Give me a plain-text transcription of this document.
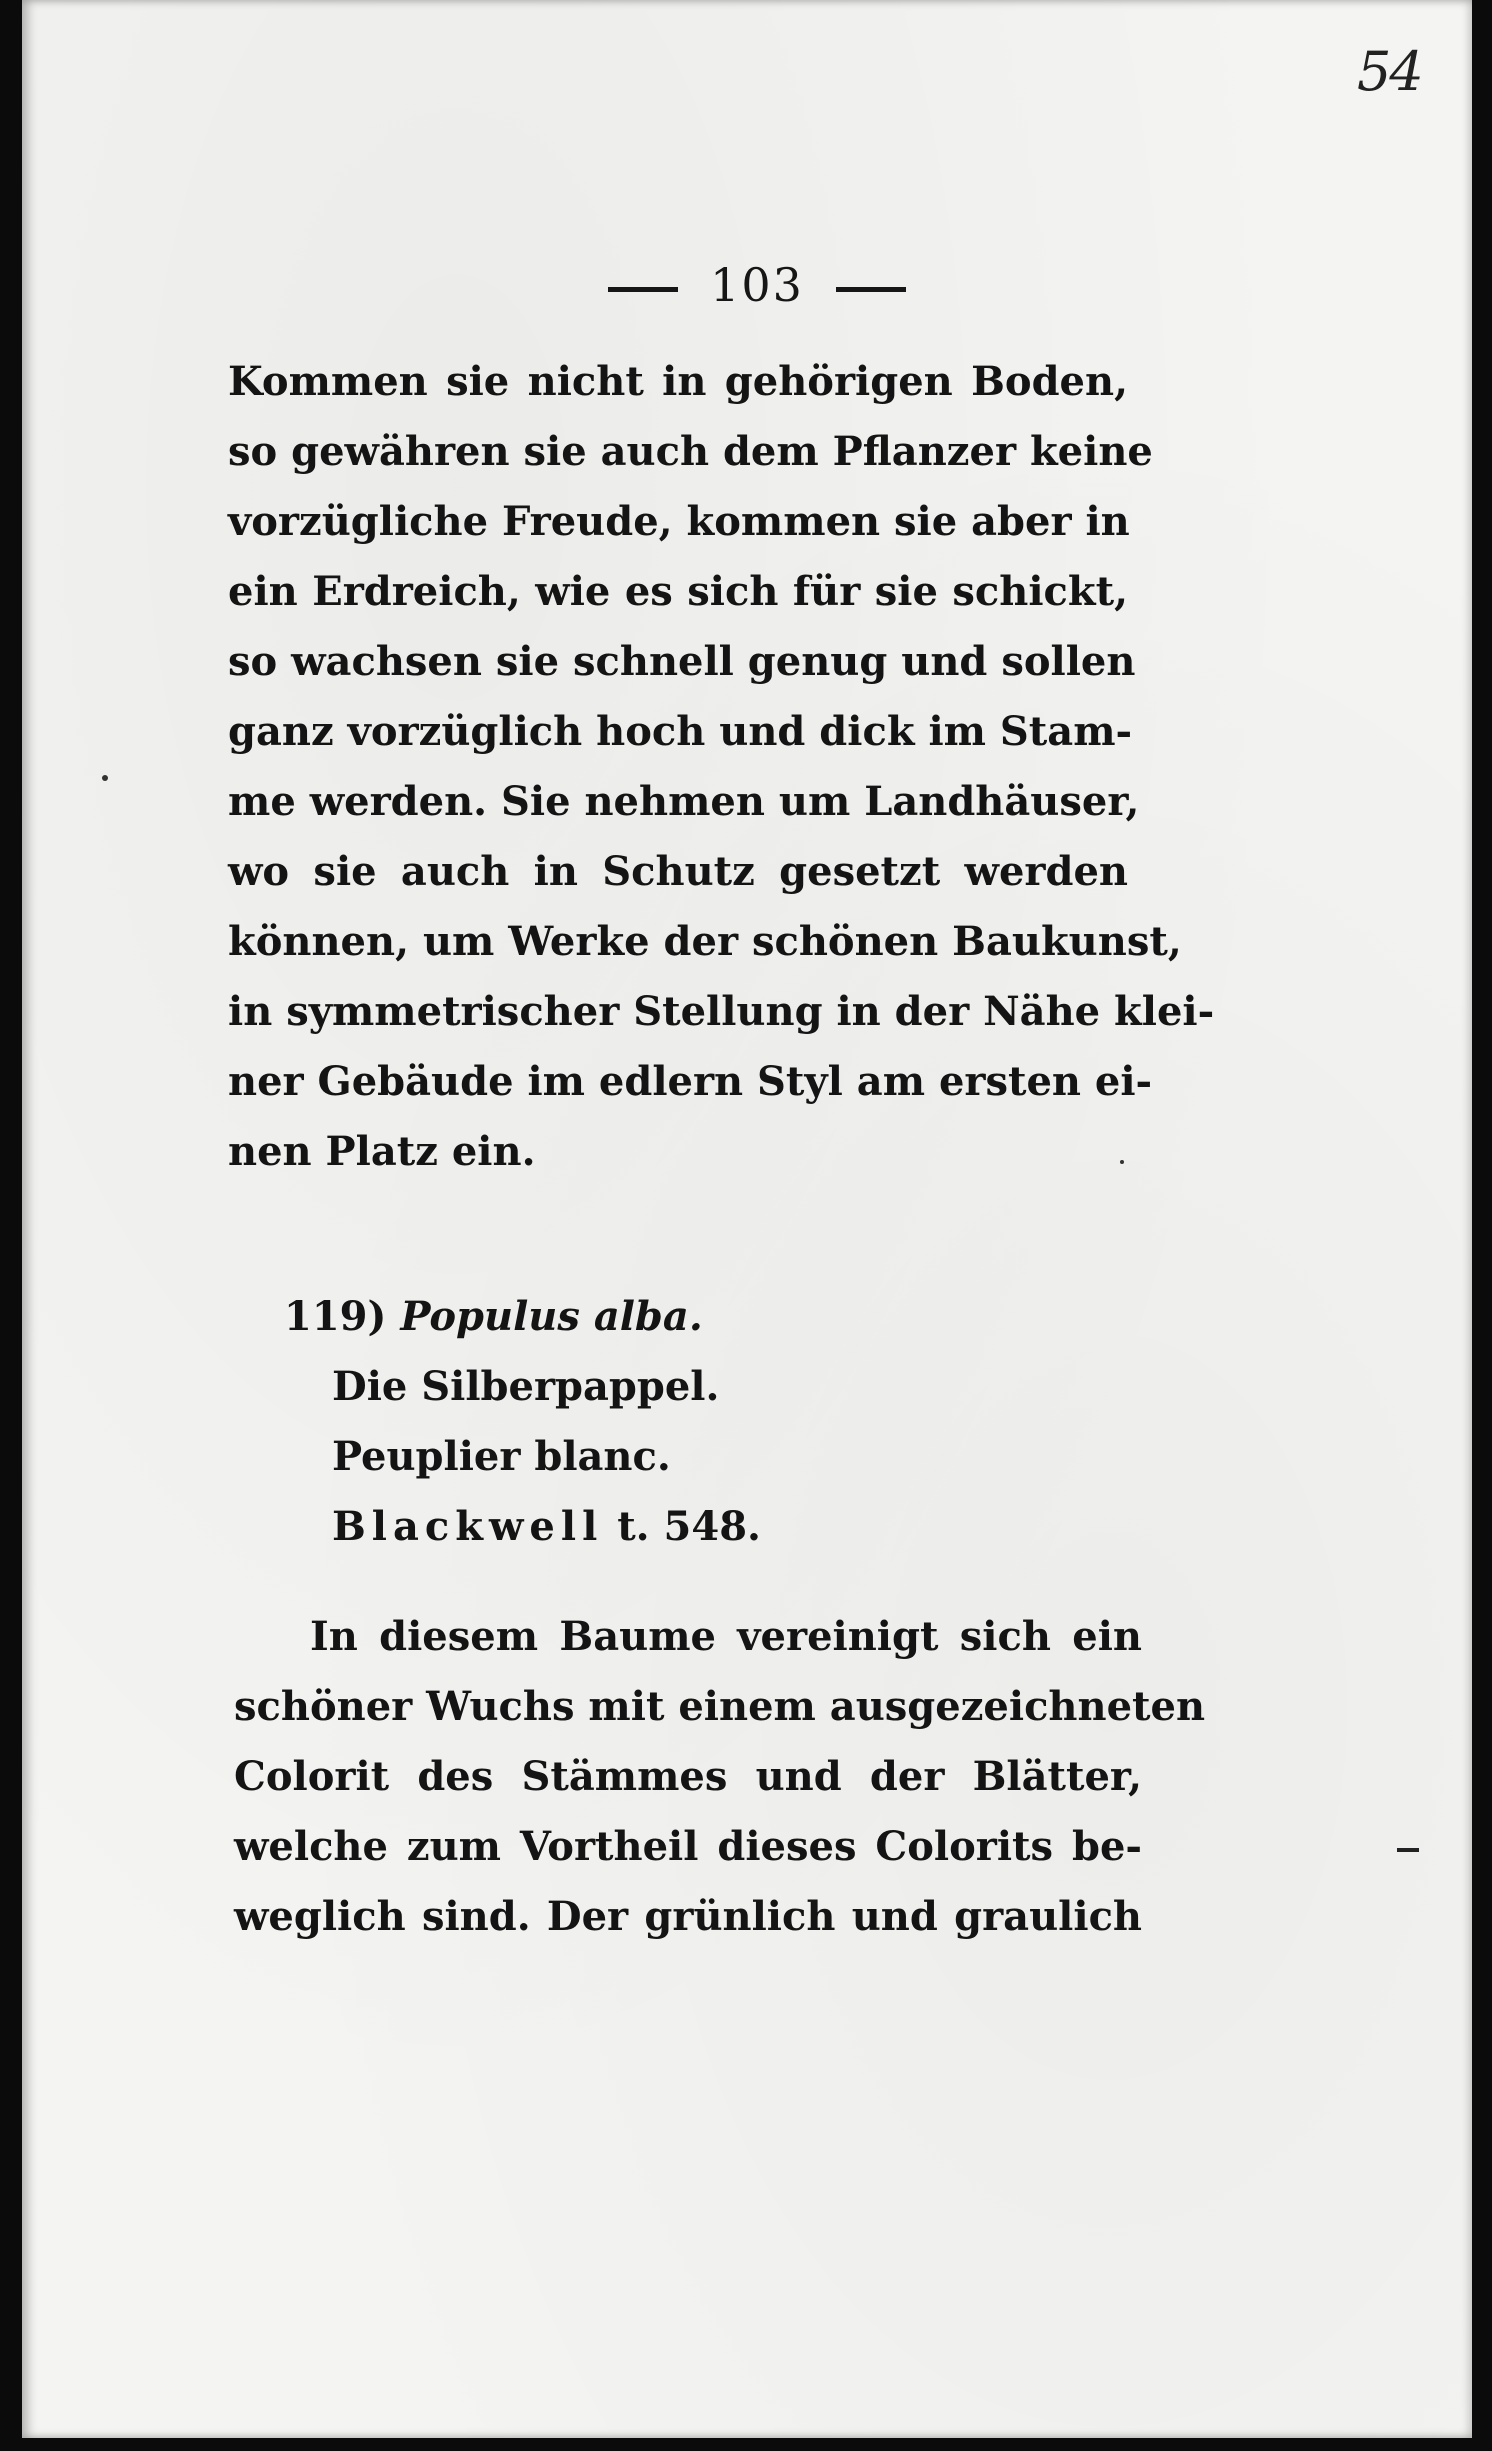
54
103
Kommen sie nicht in gehörigen Boden,
so gewähren sie auch dem Pflanzer keine
vorzügliche Freude, kommen sie aber in
ein Erdreich, wie es sich für sie schickt,
so wachsen sie schnell genug und sollen
ganz vorzüglich hoch und dick im Stam-
me werden. Sie nehmen um Landhäuser,
wo sie auch in Schutz gesetzt werden
können, um Werke der schönen Baukunst,
in symmetrischer Stellung in der Nähe klei-
ner Gebäude im edlern Styl am ersten ei-
nen Platz ein.
119) Populus alba.
Die Silberpappel.
Peuplier blanc.
Blackwell t. 548.
In diesem Baume vereinigt sich ein
schöner Wuchs mit einem ausgezeichneten
Colorit des Stämmes und der Blätter,
welche zum Vortheil dieses Colorits be-
weglich sind. Der grünlich und graulich
